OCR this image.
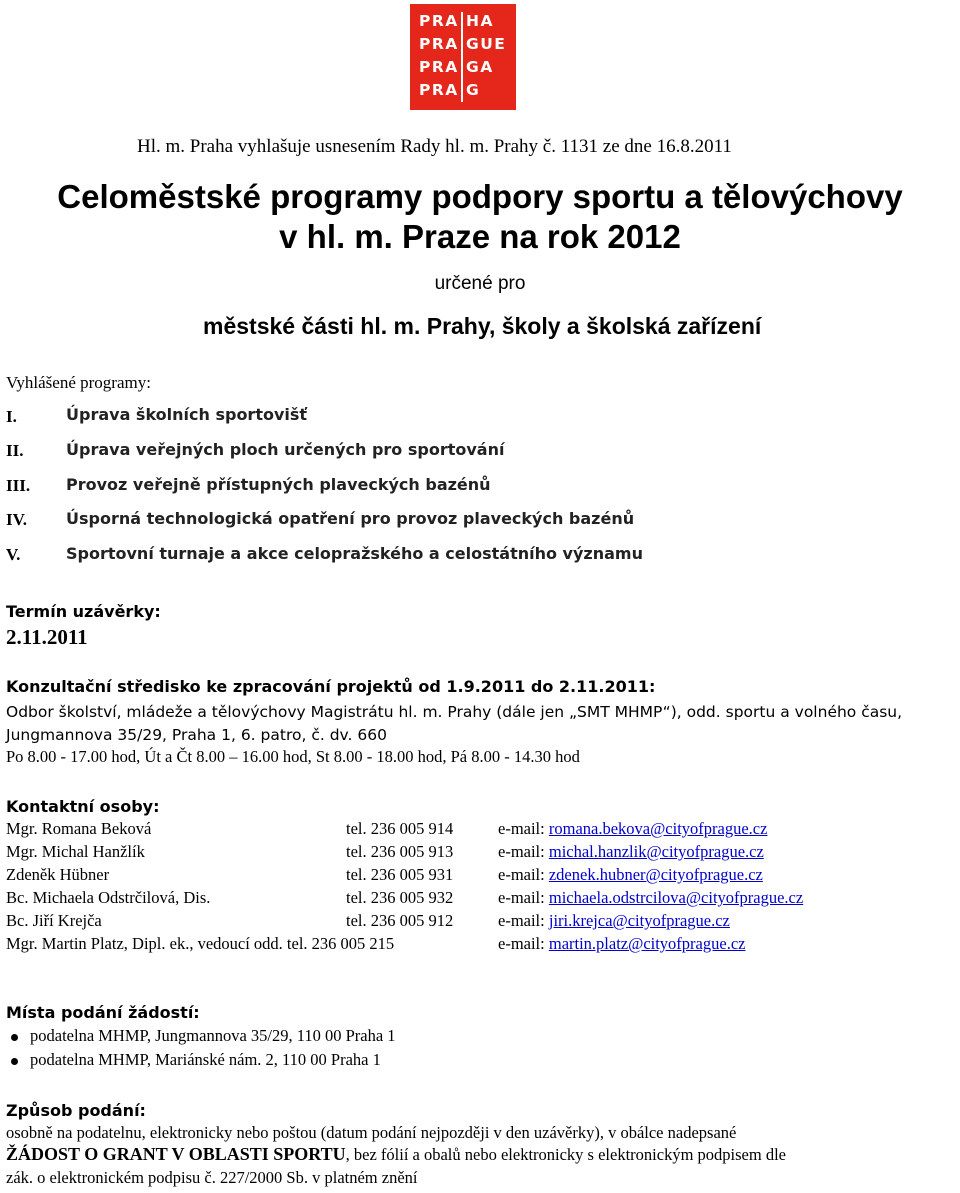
PRA HA
PRA GUE
PRA GA
PRA G
Hl. m. Praha vyhlašuje usnesením Rady hl. m. Prahy č. 1131 ze dne 16.8.2011
Celoměstské programy podpory sportu a tělovýchovy
v hl. m. Praze na rok 2012
určené pro
městské části hl. m. Prahy, školy a školská zařízení
Vyhlášené programy:
I.	Úprava školních sportovišť
II.	Úprava veřejných ploch určených pro sportování
III. Provoz veřejně přístupných plaveckých bazénů
IV. Úsporná technologická opatření pro provoz plaveckých bazénů
V.	Sportovní turnaje a akce celopražského a celostátního významu
Termín uzávěrky:
2.11.2011
Konzultační středisko ke zpracování projektů od 1.9.2011 do 2.11.2011:
Odbor školství, mládeže a tělovýchovy Magistrátu hl. m. Prahy (dále jen „SMT MHMP“), odd. sportu a volného času,
Jungmannova 35/29, Praha 1, 6. patro, č. dv. 660
Po 8.00 - 17.00 hod, Út a Čt 8.00 – 16.00 hod, St 8.00 - 18.00 hod, Pá 8.00 - 14.30 hod
Kontaktní osoby:
Mgr. Romana Beková	tel. 236 005 914	e-mail: romana.bekova@cityofprague.cz
Mgr. Michal Hanžlík	tel. 236 005 913	e-mail: michal.hanzlik@cityofprague.cz
Zdeněk Hübner	tel. 236 005 931	e-mail: zdenek.hubner@cityofprague.cz
Bc. Michaela Odstrčilová, Dis.	tel. 236 005 932	e-mail: michaela.odstrcilova@cityofprague.cz
Bc. Jiří Krejča	tel. 236 005 912	e-mail: jiri.krejca@cityofprague.cz
Mgr. Martin Platz, Dipl. ek., vedoucí odd. tel. 236 005 215	e-mail: martin.platz@cityofprague.cz
Místa podání žádostí:
podatelna MHMP, Jungmannova 35/29, 110 00 Praha 1
podatelna MHMP, Mariánské nám. 2, 110 00 Praha 1
Způsob podání:
osobně na podatelnu, elektronicky nebo poštou (datum podání nejpozději v den uzávěrky), v obálce nadepsané
ŽÁDOST O GRANT V OBLASTI SPORTU, bez fólií a obalů nebo elektronicky s elektronickým podpisem dle
zák. o elektronickém podpisu č. 227/2000 Sb. v platném znění
